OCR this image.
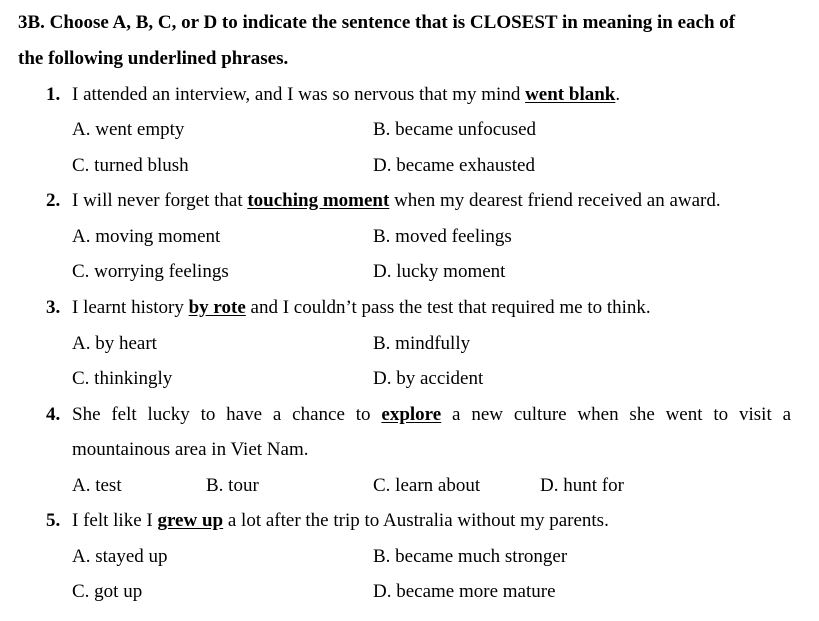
3B. Choose A, B, C, or D to indicate the sentence that is CLOSEST in meaning in each of
the following underlined phrases.
1. I attended an interview, and I was so nervous that my mind went blank.
A. went empty	B. became unfocused
C. turned blush	D. became exhausted
2. I will never forget that touching moment when my dearest friend received an award.
A. moving moment	B. moved feelings
C. worrying feelings	D. lucky moment
3. I learnt history by rote and I couldn’t pass the test that required me to think.
A. by heart	B. mindfully
C. thinkingly	D. by accident
4. She felt lucky to have a chance to explore a new culture when she went to visit a
mountainous area in Viet Nam.
A. test	B. tour	C. learn about	D. hunt for
5. I felt like I grew up a lot after the trip to Australia without my parents.
A. stayed up	B. became much stronger
C. got up	D. became more mature
